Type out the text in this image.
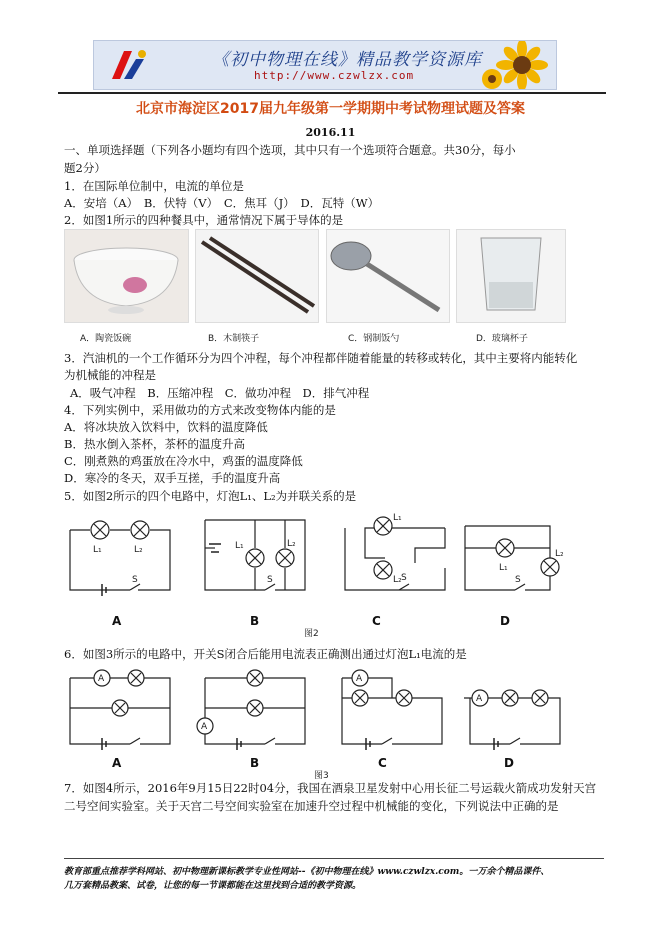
《初中物理在线》精品教学资源库
http://www.czwlzx.com
北京市海淀区2017届九年级第一学期期中考试物理试题及答案
2016.11
一、单项选择题（下列各小题均有四个选项，其中只有一个选项符合题意。共30分，每小
题2分）
1．在国际单位制中，电流的单位是
A．安培（A）　B．伏特（V）　C．焦耳（J）　D．瓦特（W）
2．如图1所示的四种餐具中，通常情况下属于导体的是
A．陶瓷饭碗	B．木制筷子	C．钢制饭勺	D．玻璃杯子
3．汽油机的一个工作循环分为四个冲程，每个冲程都伴随着能量的转移或转化，其中主要将内能转化
为机械能的冲程是
A．吸气冲程　B．压缩冲程　C．做功冲程　D．排气冲程
4．下列实例中，采用做功的方式来改变物体内能的是
A．将冰块放入饮料中，饮料的温度降低
B．热水倒入茶杯，茶杯的温度升高
C．刚煮熟的鸡蛋放在冷水中，鸡蛋的温度降低
D．寒冷的冬天，双手互搓，手的温度升高
5．如图2所示的四个电路中，灯泡L₁、L₂为并联关系的是
L₁	L₂
S
L₁	L₂
S
L₁
L₂ S
L₁
L₂
S
A	B	C	D
图2
6．如图3所示的电路中，开关S闭合后能用电流表正确测出通过灯泡L₁电流的是
A
A
A
A
A	B	C	D
图3
7．如图4所示，2016年9月15日22时04分，我国在酒泉卫星发射中心用长征二号运载火箭成功发射天宫
二号空间实验室。关于天宫二号空间实验室在加速升空过程中机械能的变化，下列说法中正确的是
教育部重点推荐学科网站、初中物理新课标教学专业性网站--《初中物理在线》www.czwlzx.com。一万余个精品课件、
几万套精品教案、试卷，让您的每一节课都能在这里找到合适的教学资源。
